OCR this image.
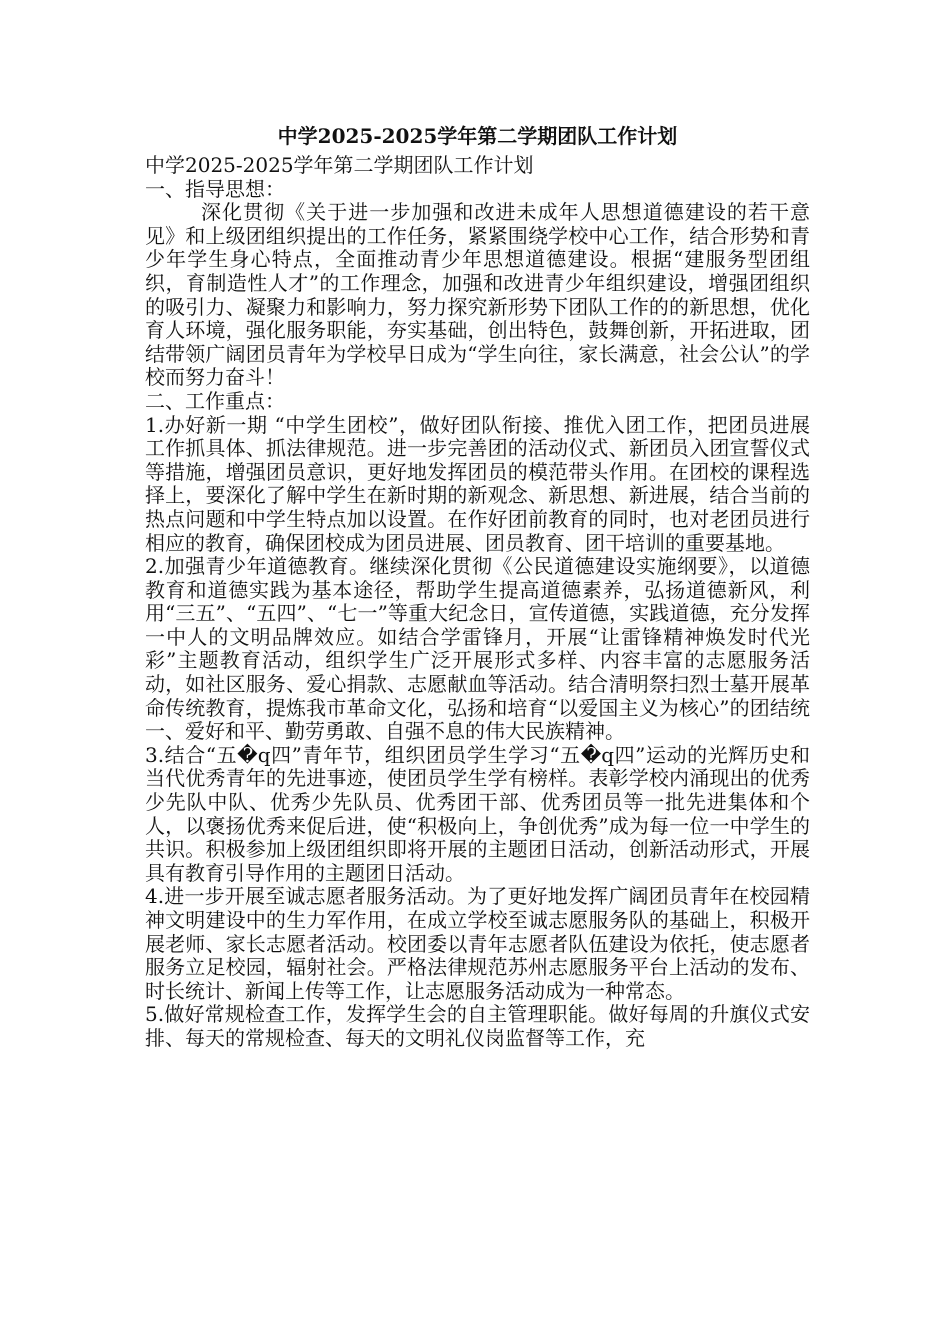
中学2025-2025学年第二学期团队工作计划
中学2025-2025学年第二学期团队工作计划
一、指导思想：
深化贯彻《关于进一步加强和改进未成年人思想道德建设的若干意见》和上级团组织提出的工作任务，紧紧围绕学校中心工作，结合形势和青少年学生身心特点，全面推动青少年思想道德建设。根据“建服务型团组织，育制造性人才”的工作理念，加强和改进青少年组织建设，增强团组织的吸引力、凝聚力和影响力，努力探究新形势下团队工作的的新思想，优化育人环境，强化服务职能，夯实基础，创出特色，鼓舞创新，开拓进取，团结带领广阔团员青年为学校早日成为“学生向往，家长满意，社会公认”的学校而努力奋斗！
二、工作重点：
1.办好新一期 “中学生团校”，做好团队衔接、推优入团工作，把团员进展工作抓具体、抓法律规范。进一步完善团的活动仪式、新团员入团宣誓仪式等措施，增强团员意识，更好地发挥团员的模范带头作用。在团校的课程选择上，要深化了解中学生在新时期的新观念、新思想、新进展，结合当前的热点问题和中学生特点加以设置。在作好团前教育的同时，也对老团员进行相应的教育，确保团校成为团员进展、团员教育、团干培训的重要基地。
2.加强青少年道德教育。继续深化贯彻《公民道德建设实施纲要》，以道德教育和道德实践为基本途径，帮助学生提高道德素养，弘扬道德新风，利用“三五”、“五四”、“七一”等重大纪念日，宣传道德，实践道德，充分发挥一中人的文明品牌效应。如结合学雷锋月，开展“让雷锋精神焕发时代光彩”主题教育活动，组织学生广泛开展形式多样、内容丰富的志愿服务活动，如社区服务、爱心捐款、志愿献血等活动。结合清明祭扫烈士墓开展革命传统教育，提炼我市革命文化，弘扬和培育“以爱国主义为核心”的团结统一、爱好和平、勤劳勇敢、自强不息的伟大民族精神。
3.结合“五�q四”青年节，组织团员学生学习“五�q四”运动的光辉历史和当代优秀青年的先进事迹，使团员学生学有榜样。表彰学校内涌现出的优秀少先队中队、优秀少先队员、优秀团干部、优秀团员等一批先进集体和个人，以褒扬优秀来促后进，使“积极向上，争创优秀”成为每一位一中学生的共识。积极参加上级团组织即将开展的主题团日活动，创新活动形式，开展具有教育引导作用的主题团日活动。
4.进一步开展至诚志愿者服务活动。为了更好地发挥广阔团员青年在校园精神文明建设中的生力军作用，在成立学校至诚志愿服务队的基础上，积极开展老师、家长志愿者活动。校团委以青年志愿者队伍建设为依托，使志愿者服务立足校园，辐射社会。严格法律规范苏州志愿服务平台上活动的发布、时长统计、新闻上传等工作，让志愿服务活动成为一种常态。
5.做好常规检查工作，发挥学生会的自主管理职能。做好每周的升旗仪式安排、每天的常规检查、每天的文明礼仪岗监督等工作，充
